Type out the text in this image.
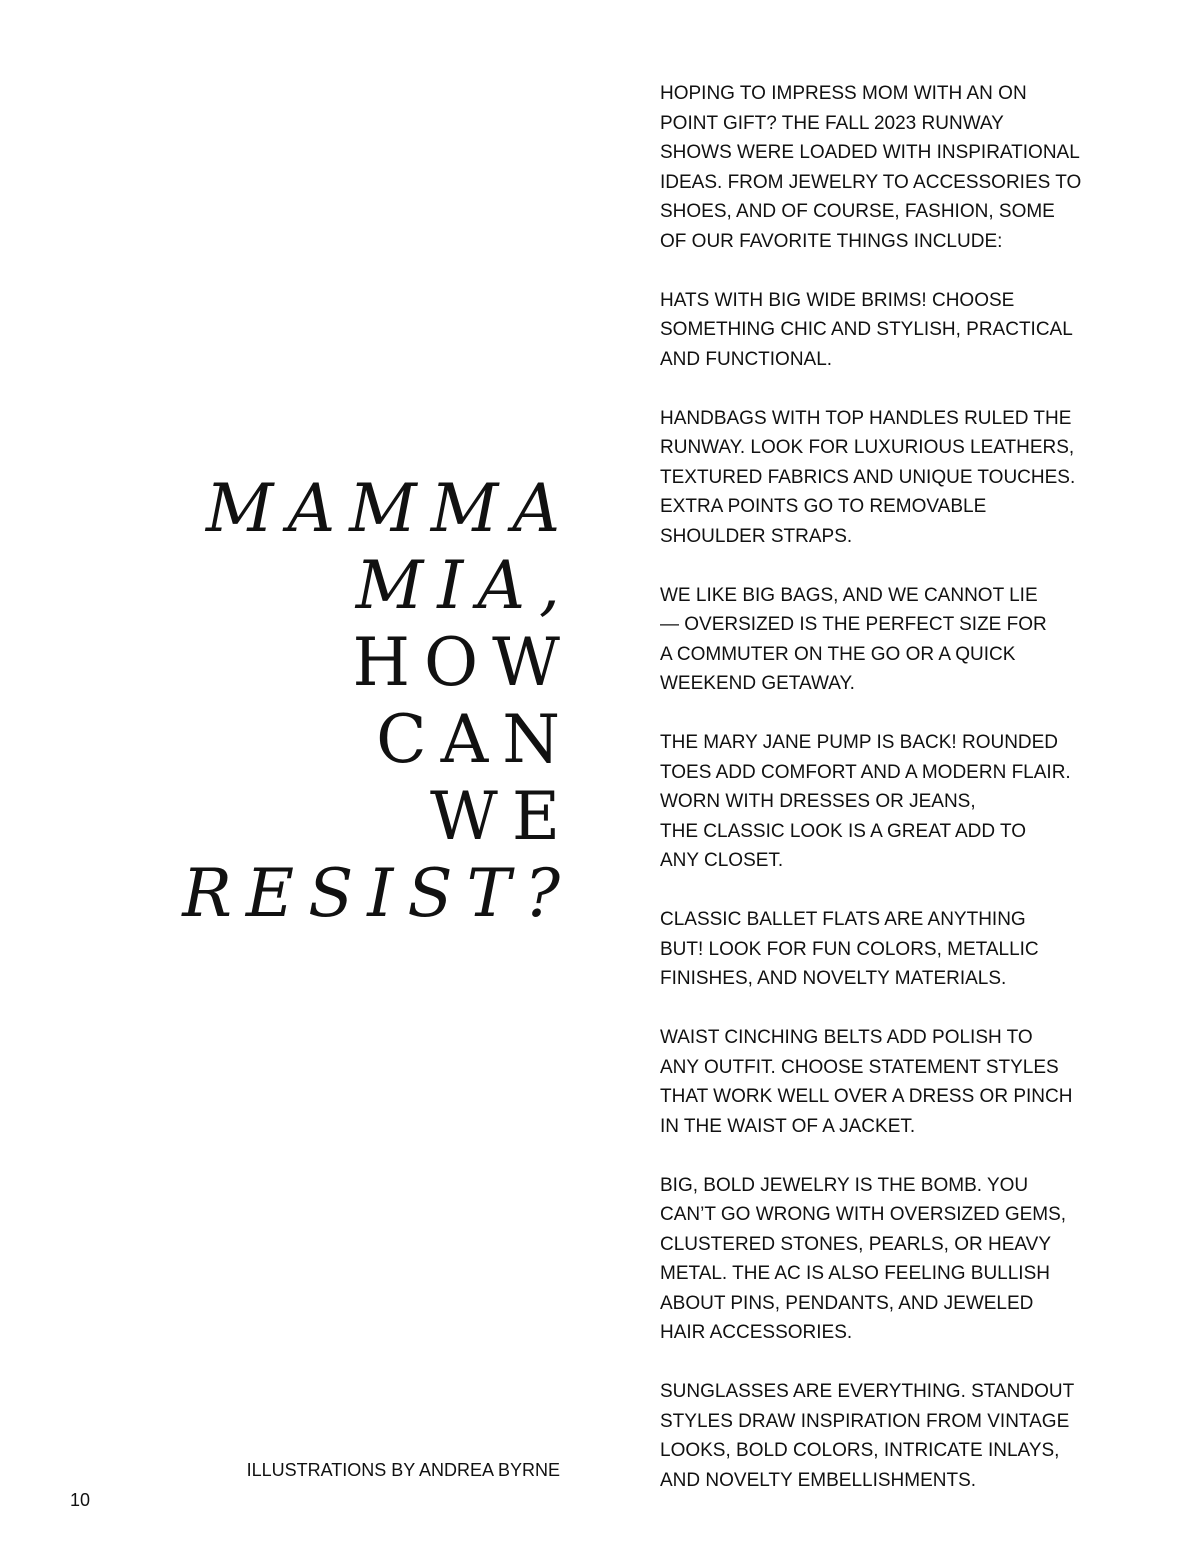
MAMMA
MIA,
HOW
CAN
WE
RESIST?
ILLUSTRATIONS BY ANDREA BYRNE
10

HOPING TO IMPRESS MOM WITH AN ON
POINT GIFT? THE FALL 2023 RUNWAY
SHOWS WERE LOADED WITH INSPIRATIONAL
IDEAS. FROM JEWELRY TO ACCESSORIES TO
SHOES, AND OF COURSE, FASHION, SOME
OF OUR FAVORITE THINGS INCLUDE:

HATS WITH BIG WIDE BRIMS! CHOOSE
SOMETHING CHIC AND STYLISH, PRACTICAL
AND FUNCTIONAL.

HANDBAGS WITH TOP HANDLES RULED THE
RUNWAY. LOOK FOR LUXURIOUS LEATHERS,
TEXTURED FABRICS AND UNIQUE TOUCHES.
EXTRA POINTS GO TO REMOVABLE
SHOULDER STRAPS.

WE LIKE BIG BAGS, AND WE CANNOT LIE
— OVERSIZED IS THE PERFECT SIZE FOR
A COMMUTER ON THE GO OR A QUICK
WEEKEND GETAWAY.

THE MARY JANE PUMP IS BACK! ROUNDED
TOES ADD COMFORT AND A MODERN FLAIR.
WORN WITH DRESSES OR JEANS,
THE CLASSIC LOOK IS A GREAT ADD TO
ANY CLOSET.

CLASSIC BALLET FLATS ARE ANYTHING
BUT! LOOK FOR FUN COLORS, METALLIC
FINISHES, AND NOVELTY MATERIALS.

WAIST CINCHING BELTS ADD POLISH TO
ANY OUTFIT. CHOOSE STATEMENT STYLES
THAT WORK WELL OVER A DRESS OR PINCH
IN THE WAIST OF A JACKET.

BIG, BOLD JEWELRY IS THE BOMB. YOU
CAN’T GO WRONG WITH OVERSIZED GEMS,
CLUSTERED STONES, PEARLS, OR HEAVY
METAL. THE AC IS ALSO FEELING BULLISH
ABOUT PINS, PENDANTS, AND JEWELED
HAIR ACCESSORIES.

SUNGLASSES ARE EVERYTHING. STANDOUT
STYLES DRAW INSPIRATION FROM VINTAGE
LOOKS, BOLD COLORS, INTRICATE INLAYS,
AND NOVELTY EMBELLISHMENTS.
